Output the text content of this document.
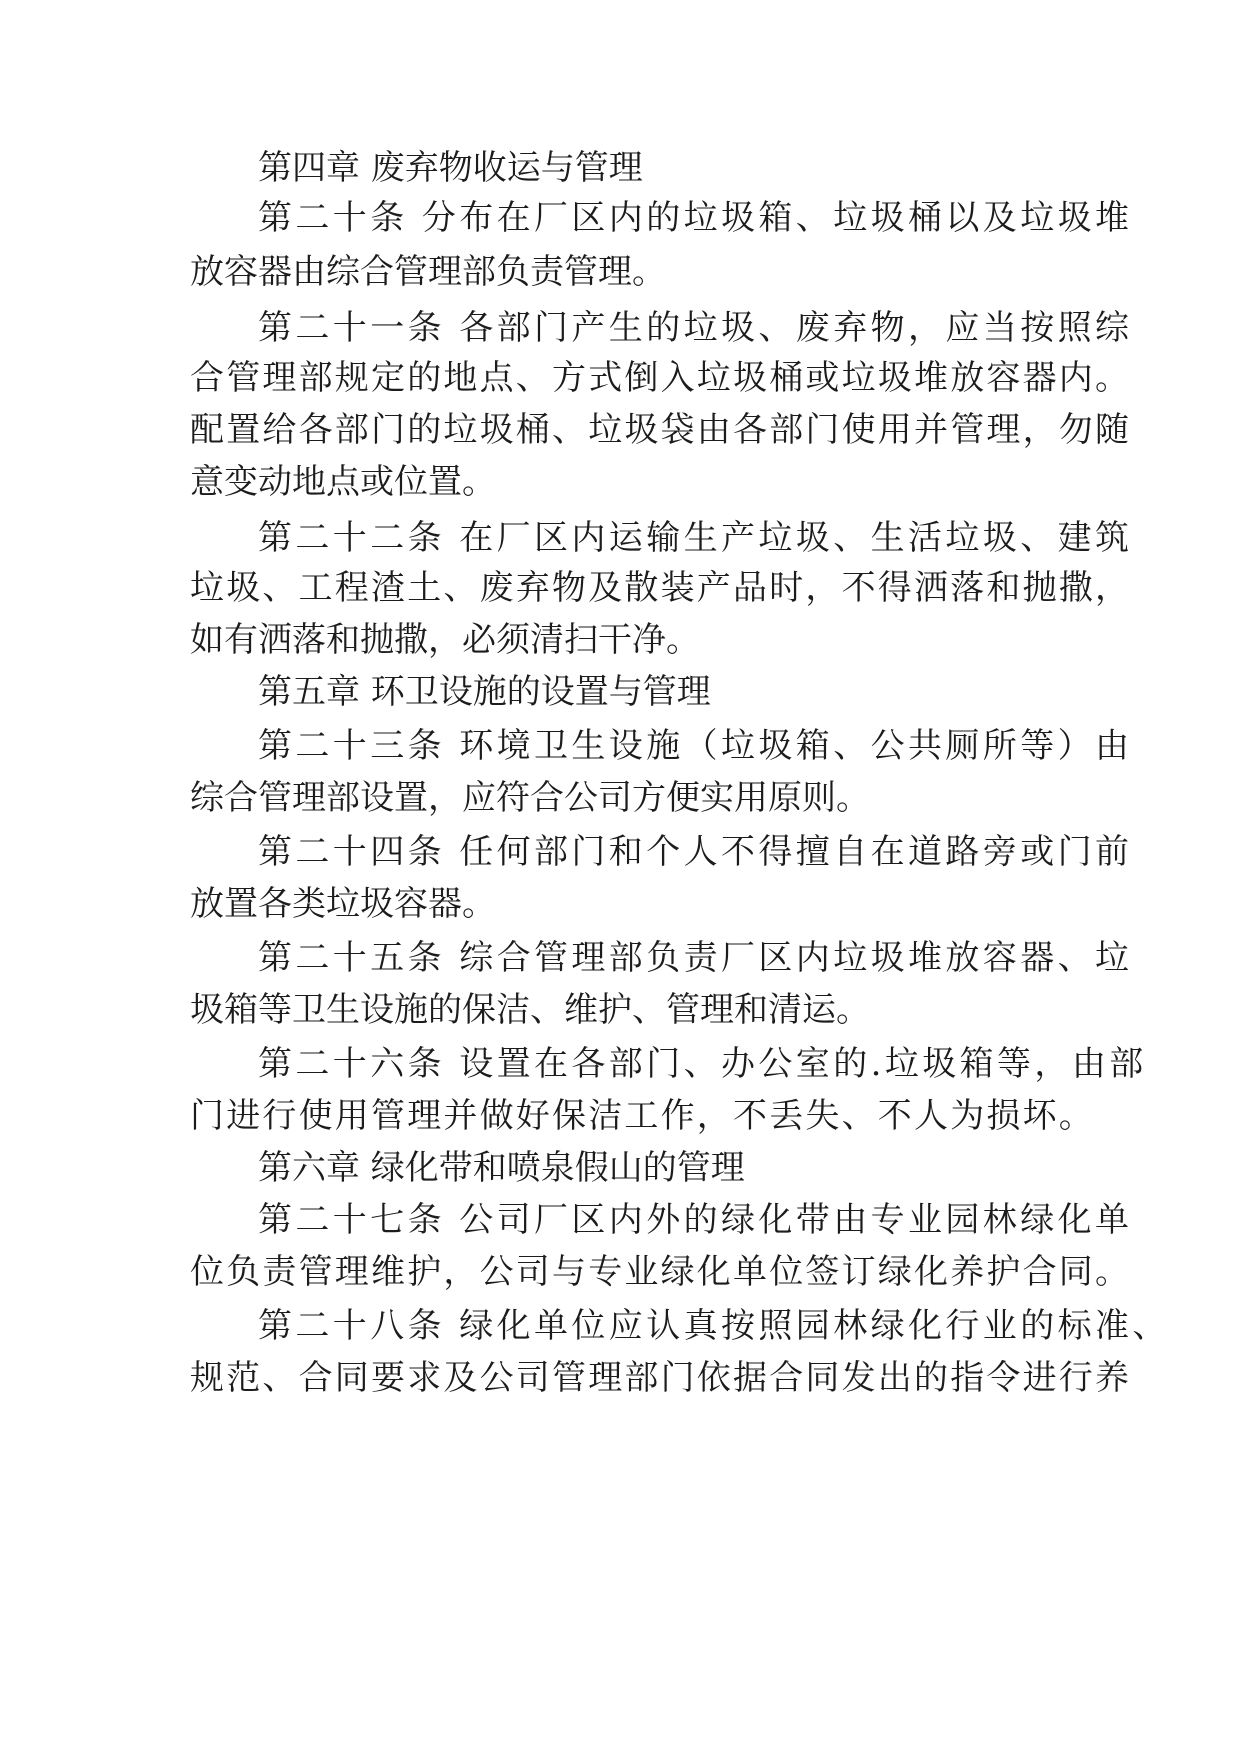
第四章 废弃物收运与管理
第二十条 分布在厂区内的垃圾箱、垃圾桶以及垃圾堆
放容器由综合管理部负责管理。
第二十一条 各部门产生的垃圾、废弃物，应当按照综
合管理部规定的地点、方式倒入垃圾桶或垃圾堆放容器内。
配置给各部门的垃圾桶、垃圾袋由各部门使用并管理，勿随
意变动地点或位置。
第二十二条 在厂区内运输生产垃圾、生活垃圾、建筑
垃圾、工程渣土、废弃物及散装产品时，不得洒落和抛撒，
如有洒落和抛撒，必须清扫干净。
第五章 环卫设施的设置与管理
第二十三条 环境卫生设施（垃圾箱、公共厕所等）由
综合管理部设置，应符合公司方便实用原则。
第二十四条 任何部门和个人不得擅自在道路旁或门前
放置各类垃圾容器。
第二十五条 综合管理部负责厂区内垃圾堆放容器、垃
圾箱等卫生设施的保洁、维护、管理和清运。
第二十六条 设置在各部门、办公室的.垃圾箱等，由部
门进行使用管理并做好保洁工作，不丢失、不人为损坏。
第六章 绿化带和喷泉假山的管理
第二十七条 公司厂区内外的绿化带由专业园林绿化单
位负责管理维护，公司与专业绿化单位签订绿化养护合同。
第二十八条 绿化单位应认真按照园林绿化行业的标准、
规范、合同要求及公司管理部门依据合同发出的指令进行养
